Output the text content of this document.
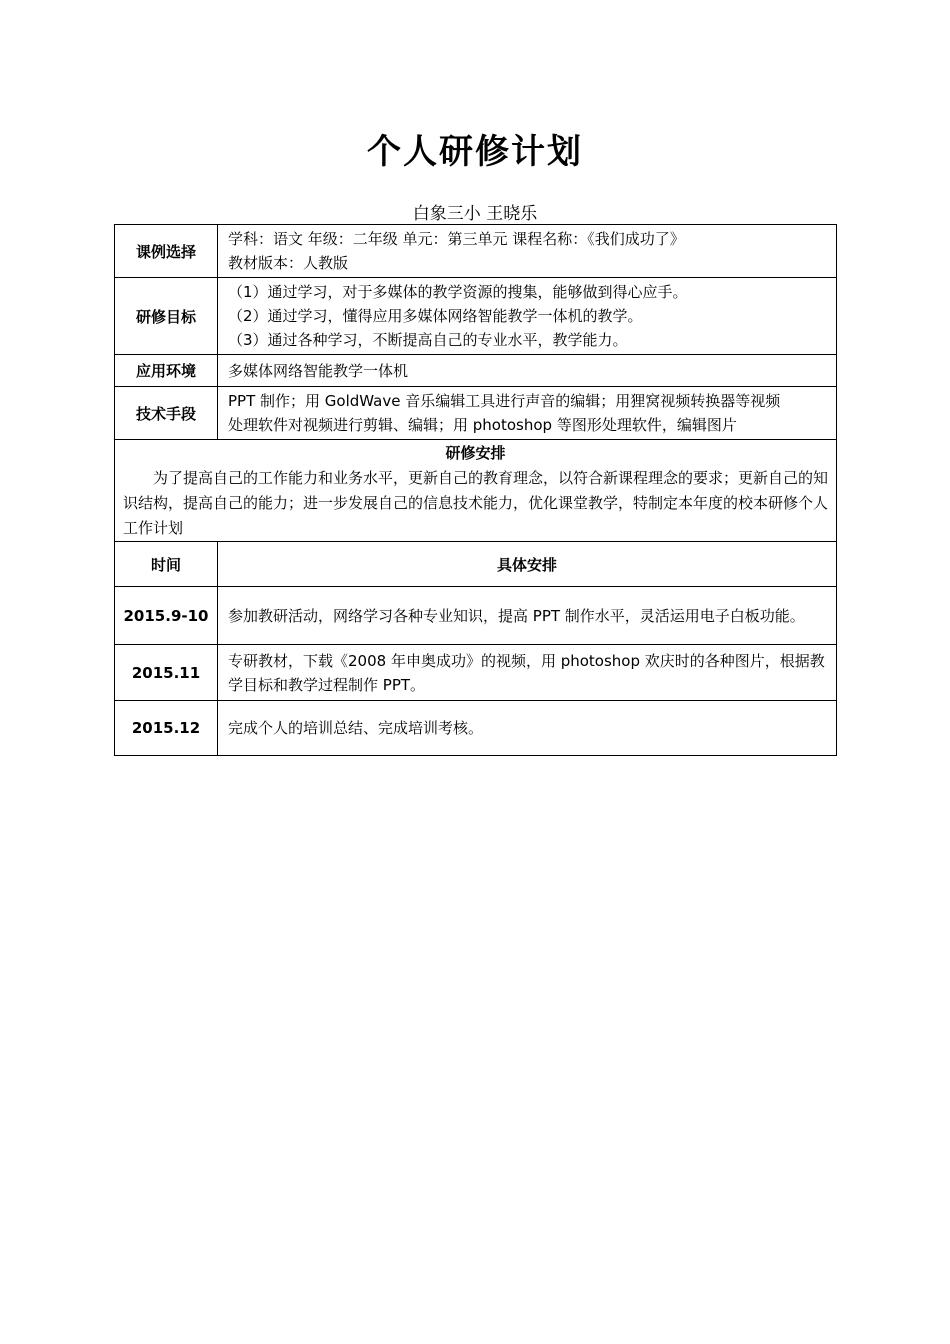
个人研修计划
白象三小 王晓乐
课例选择	学科：语文 年级：二年级 单元：第三单元 课程名称：《我们成功了》
教材版本：人教版

研修目标	（1）通过学习，对于多媒体的教学资源的搜集，能够做到得心应手。
（2）通过学习，懂得应用多媒体网络智能教学一体机的教学。
（3）通过各种学习，不断提高自己的专业水平，教学能力。

应用环境	多媒体网络智能教学一体机
技术手段	PPT 制作；用 GoldWave 音乐编辑工具进行声音的编辑；用狸窝视频转换器等视频
处理软件对视频进行剪辑、编辑；用 photoshop 等图形处理软件，编辑图片

研修安排
为了提高自己的工作能力和业务水平，更新自己的教育理念，以符合新课程理念的要求；更新自己的知识结构，提高自己的能力；进一步发展自己的信息技术能力，优化课堂教学，特制定本年度的校本研修个人工作计划	

时间	具体安排
2015.9-10	参加教研活动，网络学习各种专业知识，提高 PPT 制作水平，灵活运用电子白板功能。
2015.11	专研教材，下载《2008 年申奥成功》的视频，用 photoshop 欢庆时的各种图片，根据教学目标和教学过程制作 PPT。
2015.12	完成个人的培训总结、完成培训考核。
